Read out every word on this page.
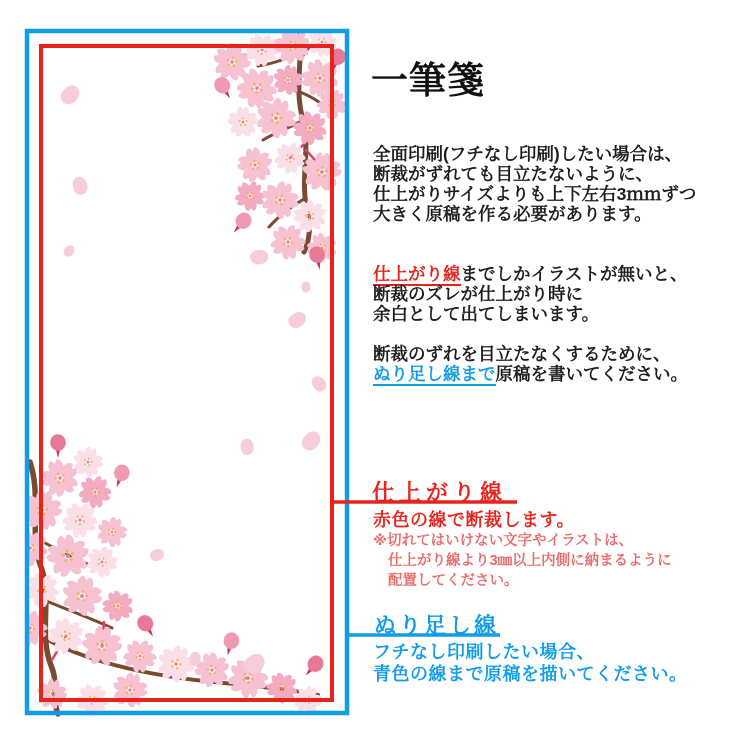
一筆箋
全面印刷(フチなし印刷)したい場合は、
断裁がずれても目立たないように、
仕上がりサイズよりも上下左右3ｍｍずつ
大きく原稿を作る必要があります。
仕上がり線までしかイラストが無いと、
断裁のズレが仕上がり時に
余白として出てしまいます。
断裁のずれを目立たなくするために、
ぬり足し線まで原稿を書いてください。
仕上がり線
赤色の線で断裁します。
※切れてはいけない文字やイラストは、
仕上がり線より3㎜以上内側に納まるように
配置してください。
ぬり足し線
フチなし印刷したい場合、
青色の線まで原稿を描いてください。
